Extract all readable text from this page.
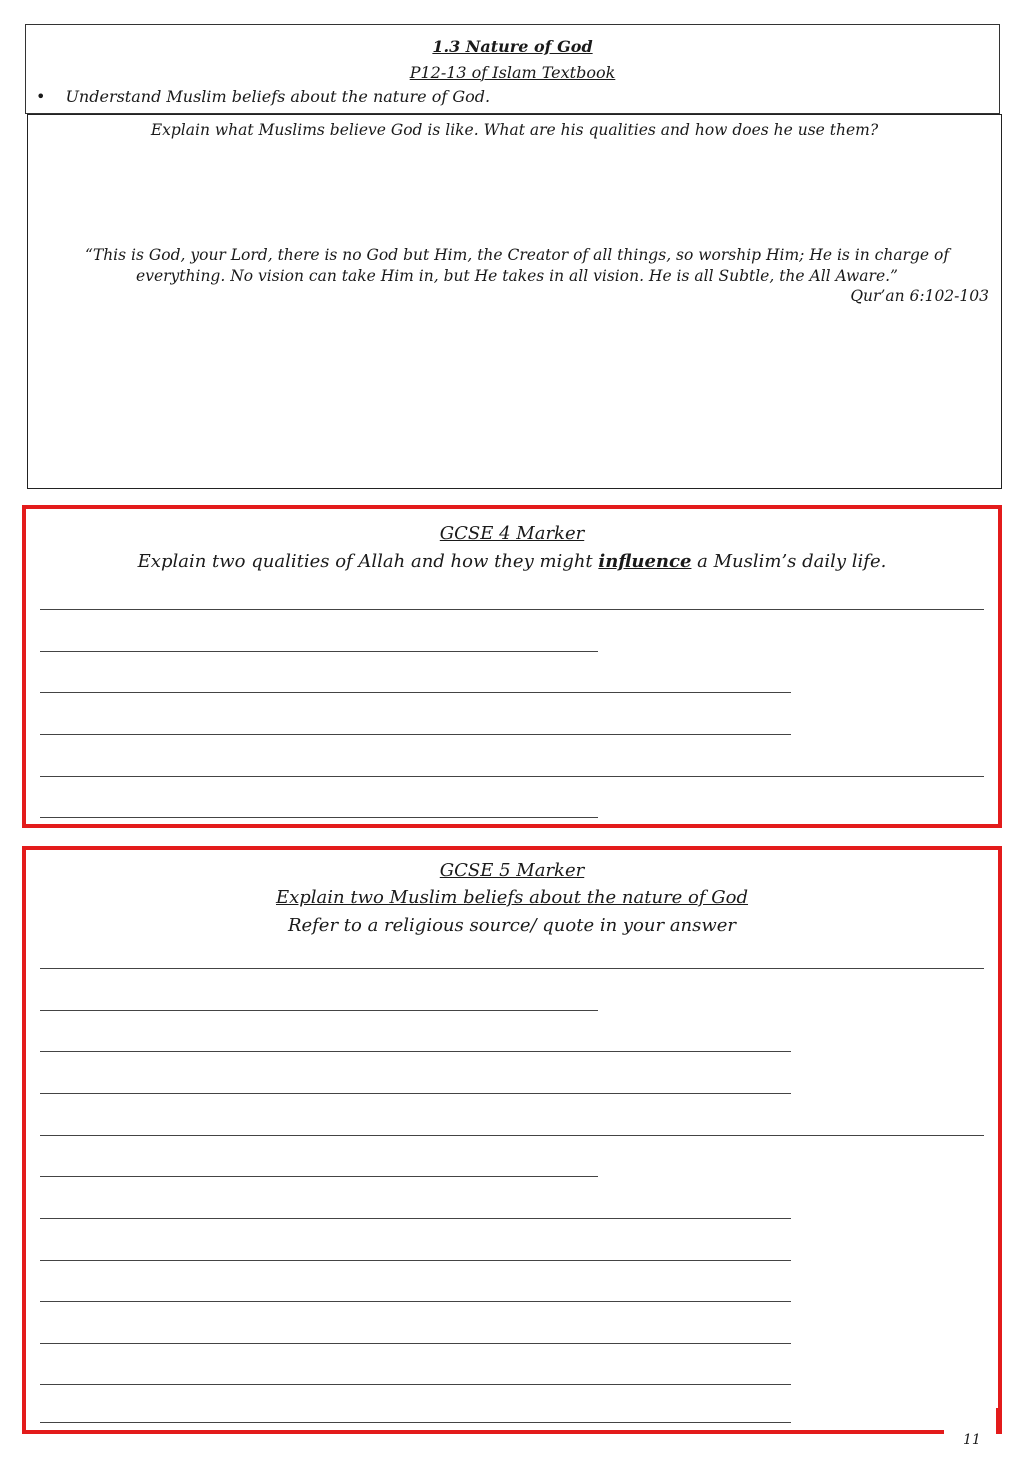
1.3 Nature of God
P12-13 of Islam Textbook
• Understand Muslim beliefs about the nature of God.
Explain what Muslims believe God is like. What are his qualities and how does he use them?
“This is God, your Lord, there is no God but Him, the Creator of all things, so worship Him; He is in charge of everything. No vision can take Him in, but He takes in all vision. He is all Subtle, the All Aware.”
Qur’an 6:102-103
GCSE 4 Marker
Explain two qualities of Allah and how they might influence a Muslim’s daily life.
GCSE 5 Marker
Explain two Muslim beliefs about the nature of God
Refer to a religious source/ quote in your answer
11
